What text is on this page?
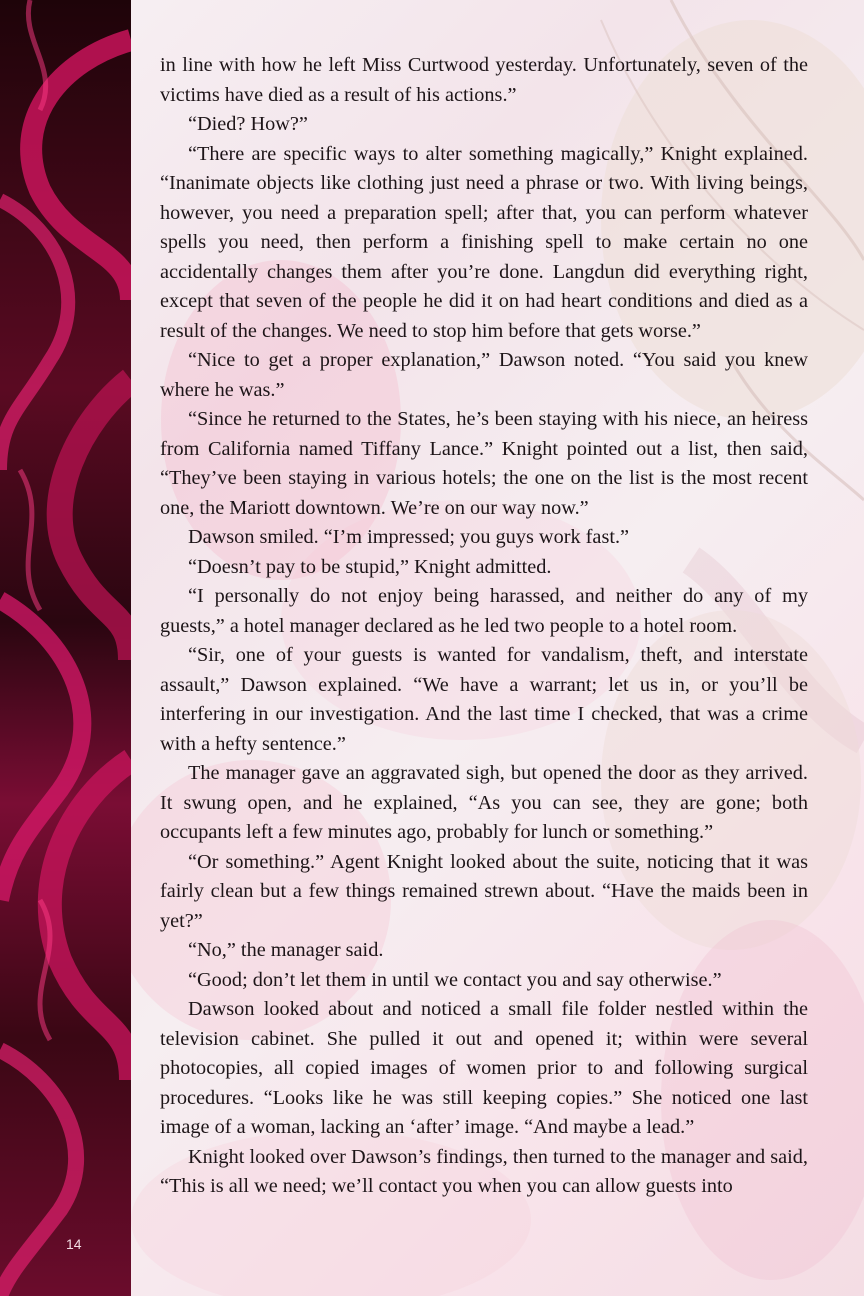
in line with how he left Miss Curtwood yesterday. Unfortunately, seven of the victims have died as a result of his actions.”

“Died? How?”

“There are specific ways to alter something magically,” Knight explained. “Inanimate objects like clothing just need a phrase or two. With living beings, however, you need a preparation spell; after that, you can perform whatever spells you need, then perform a finishing spell to make certain no one accidentally changes them after you’re done. Langdun did everything right, except that seven of the people he did it on had heart conditions and died as a result of the changes. We need to stop him before that gets worse.”

“Nice to get a proper explanation,” Dawson noted. “You said you knew where he was.”

“Since he returned to the States, he’s been staying with his niece, an heiress from California named Tiffany Lance.” Knight pointed out a list, then said, “They’ve been staying in various hotels; the one on the list is the most recent one, the Mariott downtown. We’re on our way now.”

Dawson smiled. “I’m impressed; you guys work fast.”

“Doesn’t pay to be stupid,” Knight admitted.

“I personally do not enjoy being harassed, and neither do any of my guests,” a hotel manager declared as he led two people to a hotel room.

“Sir, one of your guests is wanted for vandalism, theft, and interstate assault,” Dawson explained. “We have a warrant; let us in, or you’ll be interfering in our investigation. And the last time I checked, that was a crime with a hefty sentence.”

The manager gave an aggravated sigh, but opened the door as they arrived. It swung open, and he explained, “As you can see, they are gone; both occupants left a few minutes ago, probably for lunch or something.”

“Or something.” Agent Knight looked about the suite, noticing that it was fairly clean but a few things remained strewn about. “Have the maids been in yet?”

“No,” the manager said.

“Good; don’t let them in until we contact you and say otherwise.”

Dawson looked about and noticed a small file folder nestled within the television cabinet. She pulled it out and opened it; within were several photocopies, all copied images of women prior to and following surgical procedures. “Looks like he was still keeping copies.” She noticed one last image of a woman, lacking an ‘after’ image. “And maybe a lead.”

Knight looked over Dawson’s findings, then turned to the manager and said, “This is all we need; we’ll contact you when you can allow guests into

14
